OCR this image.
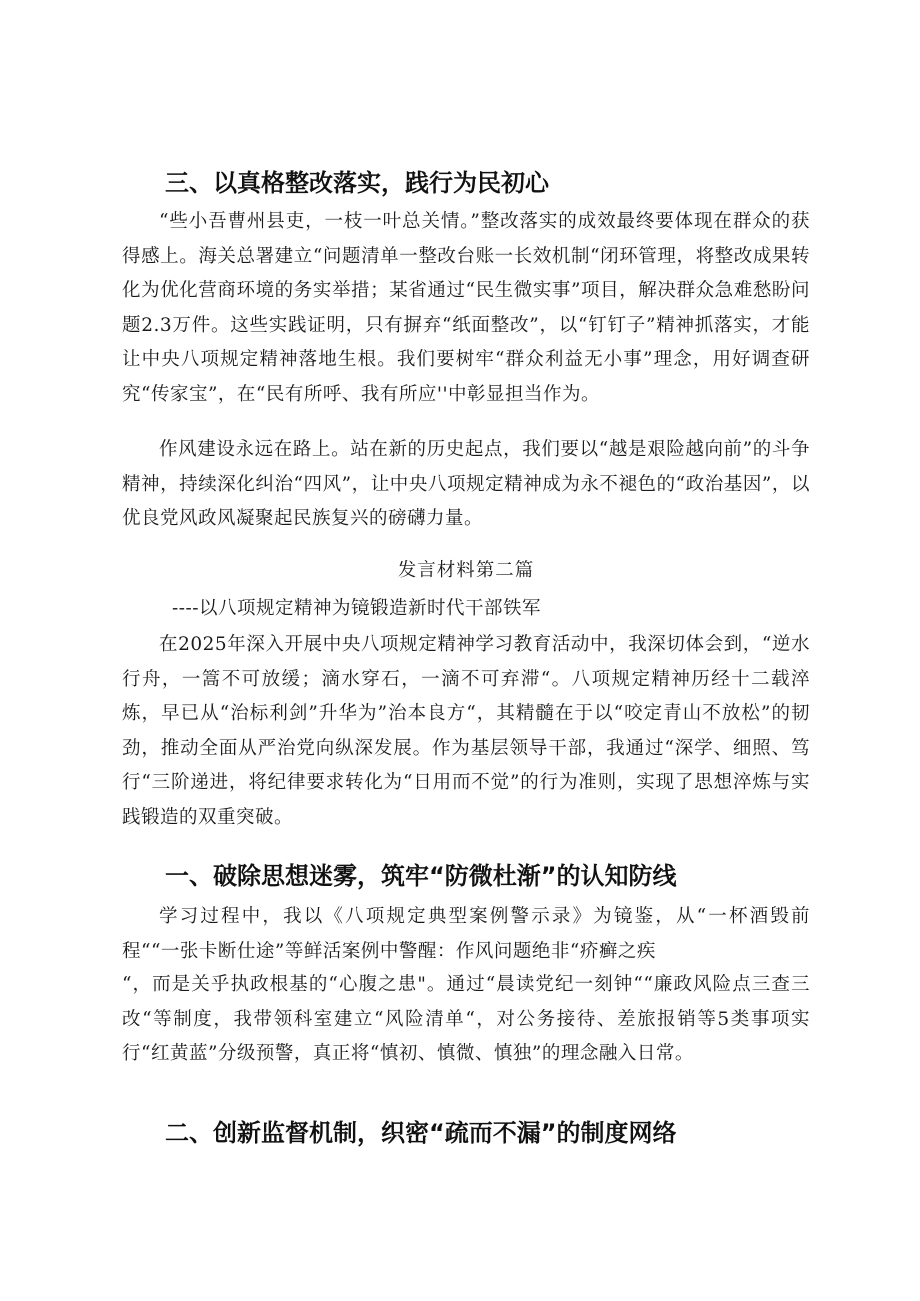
三、以真格整改落实，践行为民初心

“些小吾曹州县吏，一枝一叶总关情。”整改落实的成效最终要体现在群众的获得感上。海关总署建立“问题清单一整改台账一长效机制“闭环管理，将整改成果转化为优化营商环境的务实举措；某省通过“民生微实事”项目，解决群众急难愁盼问题2.3万件。这些实践证明，只有摒弃“纸面整改”，以“钉钉子”精神抓落实，才能让中央八项规定精神落地生根。我们要树牢“群众利益无小事”理念，用好调查研究“传家宝”，在“民有所呼、我有所应''中彰显担当作为。

作风建设永远在路上。站在新的历史起点，我们要以“越是艰险越向前”的斗争精神，持续深化纠治“四风”，让中央八项规定精神成为永不褪色的“政治基因”，以优良党风政风凝聚起民族复兴的磅礴力量。

发言材料第二篇
----以八项规定精神为镜锻造新时代干部铁军

在2025年深入开展中央八项规定精神学习教育活动中，我深切体会到，“逆水行舟，一篙不可放缓；滴水穿石，一滴不可弃滞“。八项规定精神历经十二载淬炼，早已从“治标利剑”升华为”治本良方“，其精髓在于以“咬定青山不放松”的韧劲，推动全面从严治党向纵深发展。作为基层领导干部，我通过“深学、细照、笃行“三阶递进，将纪律要求转化为“日用而不觉”的行为准则，实现了思想淬炼与实践锻造的双重突破。

一、破除思想迷雾，筑牢“防微杜渐”的认知防线

学习过程中，我以《八项规定典型案例警示录》为镜鉴，从“一杯酒毁前程““一张卡断仕途”等鲜活案例中警醒：作风问题绝非“疥癣之疾

“，而是关乎执政根基的“心腹之患"。通过“晨读党纪一刻钟““廉政风险点三查三改“等制度，我带领科室建立“风险清单“，对公务接待、差旅报销等5类事项实行“红黄蓝”分级预警，真正将“慎初、慎微、慎独”的理念融入日常。

二、创新监督机制，织密“疏而不漏”的制度网络
